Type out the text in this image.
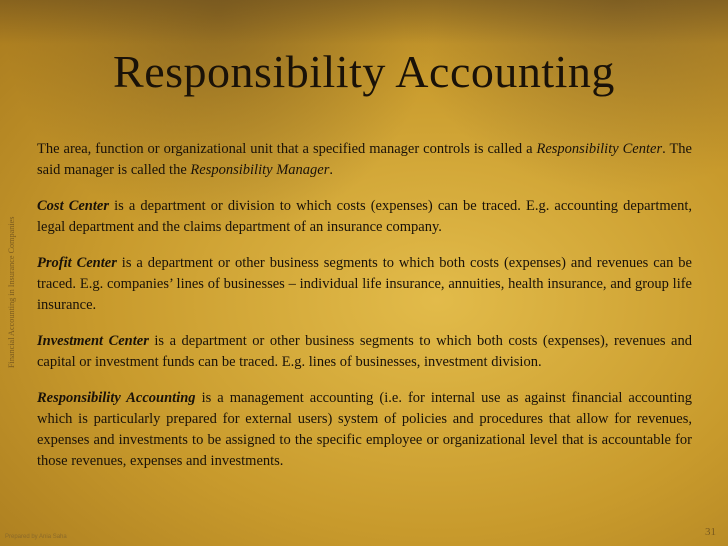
Responsibility Accounting
Financial Accounting in Insurance Companies

The area, function or organizational unit that a specified manager controls is called a Responsibility Center. The said manager is called the Responsibility Manager.

Cost Center is a department or division to which costs (expenses) can be traced. E.g. accounting department, legal department and the claims department of an insurance company.

Profit Center is a department or other business segments to which both costs (expenses) and revenues can be traced. E.g. companies’ lines of businesses – individual life insurance, annuities, health insurance, and group life insurance.

Investment Center is a department or other business segments to which both costs (expenses), revenues and capital or investment funds can be traced. E.g. lines of businesses, investment division.

Responsibility Accounting is a management accounting (i.e. for internal use as against financial accounting which is particularly prepared for external users) system of policies and procedures that allow for revenues, expenses and investments to be assigned to the specific employee or organizational level that is accountable for those revenues, expenses and investments.

Prepared by Ania Saha	31
